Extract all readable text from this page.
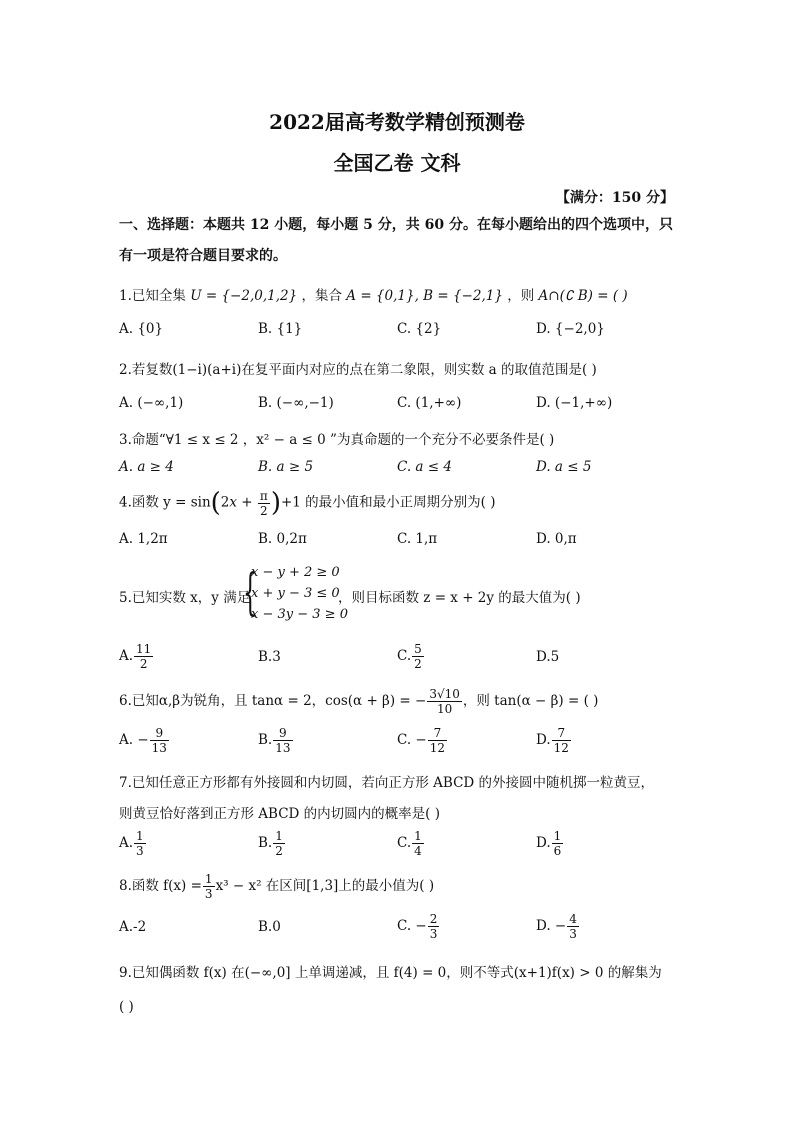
2022届高考数学精创预测卷
全国乙卷 文科
【满分：150 分】
一、选择题：本题共 12 小题，每小题 5 分，共 60 分。在每小题给出的四个选项中，只有一项是符合题目要求的。
1.已知全集 U = {−2,0,1,2} ，集合 A = {0,1}, B = {−2,1} ，则 A∩(∁ B) = ( )
A. {0}	B. {1}	C. {2}	D. {−2,0}
2.若复数(1−i)(a+i)在复平面内对应的点在第二象限，则实数 a 的取值范围是( )
A. (−∞,1)	B. (−∞,−1)	C. (1,+∞)	D. (−1,+∞)
3.命题“∀1 ≤ x ≤ 2 ，x² − a ≤ 0 ”为真命题的一个充分不必要条件是( )
A. a ≥ 4	B. a ≥ 5	C. a ≤ 4	D. a ≤ 5
4.函数 $y = \sin(2x + \frac{\pi}{2} )+1$ 的最小值和最小正周期分别为( )
A. 1,2π	B. 0,2π	C. 1,π	D. 0,π
5.已知实数 x，y 满足
{
x − y + 2 ≥ 0
x + y − 3 ≤ 0
x − 3y − 3 ≥ 0
，则目标函数 z = x + 2y 的最大值为( )
A. $\frac{11}{2}$	B.3	C. $\frac{5}{2}$	D.5
6.已知α,β为锐角，且 tanα = 2，cos(α + β) = − $\frac{3√10}{10}$ ，则 tan(α − β) = ( )
A. − $\frac{9}{13}$	B. $\frac{9}{13}$	C. − $\frac{7}{12}$	D. $\frac{7}{12}$
7.已知任意正方形都有外接圆和内切圆，若向正方形 ABCD 的外接圆中随机掷一粒黄豆，
则黄豆恰好落到正方形 ABCD 的内切圆内的概率是( )
A. $\frac{1}{3}$	B. $\frac{1}{2}$	C. $\frac{1}{4}$	D. $\frac{1}{6}$
8.函数 $f(x) = \frac{1}{3} x^3 - x^2$ 在区间[1,3]上的最小值为( )
A.-2	B.0	C. − $\frac{2}{3}$	D. − $\frac{4}{3}$
9.已知偶函数 f(x) 在(−∞,0] 上单调递减，且 f(4) = 0，则不等式(x+1)f(x) > 0 的解集为
( )
